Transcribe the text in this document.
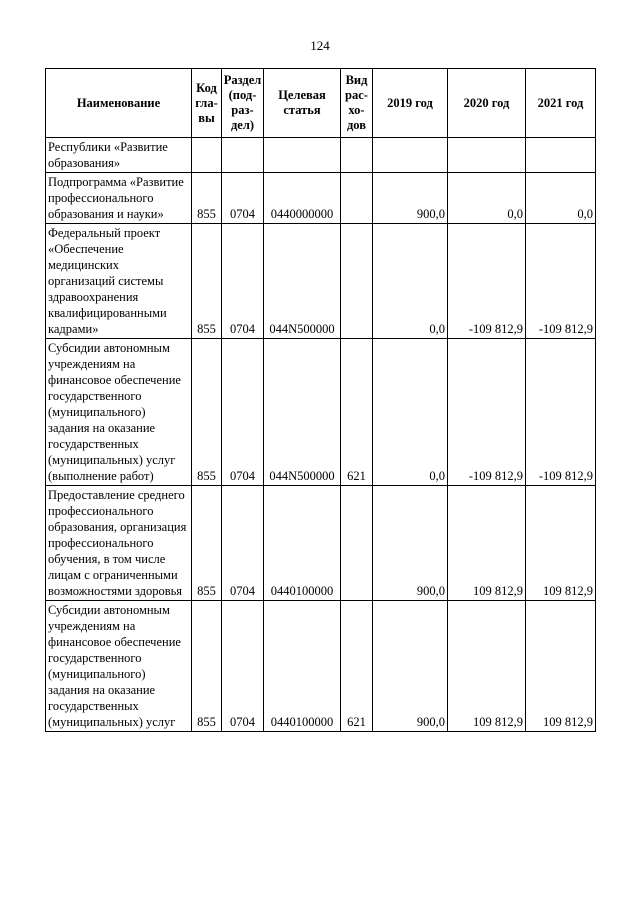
124
Наименование	Код
гла-
вы	Раздел
(под-
раз-
дел)	Целевая
статья	Вид
рас-
хо-
дов	2019 год	2020 год	2021 год
Республики «Развитие образования»							
Подпрограмма «Развитие профессионального образования и науки»	855	0704	0440000000		900,0	0,0	0,0
Федеральный проект «Обеспечение медицинских организаций системы здравоохранения квалифицированными кадрами»	855	0704	044N500000		0,0	-109 812,9	-109 812,9
Субсидии автономным учреждениям на финансовое обеспечение государственного (муниципального) задания на оказание государственных (муниципальных) услуг (выполнение работ)	855	0704	044N500000	621	0,0	-109 812,9	-109 812,9
Предоставление среднего профессионального образования, организация профессионального обучения, в том числе лицам с ограниченными возможностями здоровья	855	0704	0440100000		900,0	109 812,9	109 812,9
Субсидии автономным учреждениям на финансовое обеспечение государственного (муниципального) задания на оказание государственных (муниципальных) услуг	855	0704	0440100000	621	900,0	109 812,9	109 812,9
